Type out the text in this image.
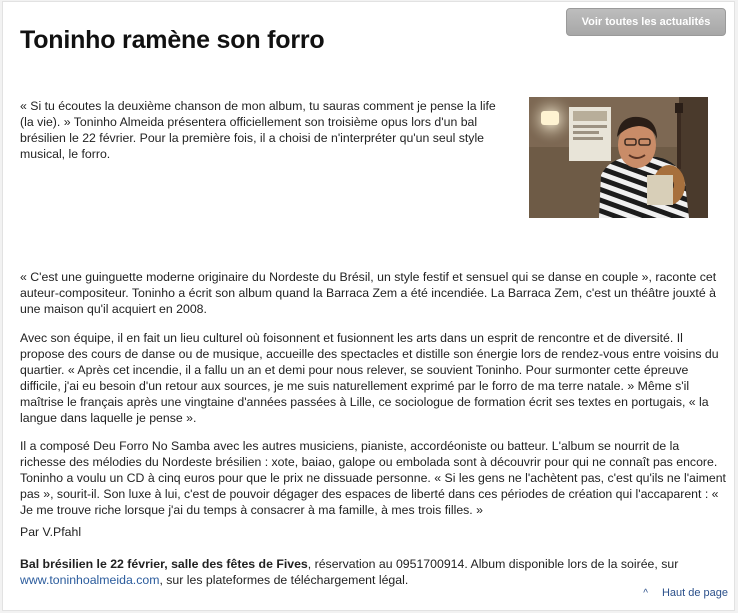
Voir toutes les actualités
Toninho ramène son forro

« Si tu écoutes la deuxième chanson de mon album, tu sauras comment je pense la life (la vie). » Toninho Almeida présentera officiellement son troisième opus lors d'un bal brésilien le 22 février. Pour la première fois, il a choisi de n'interpréter qu'un seul style musical, le forro.

« C'est une guinguette moderne originaire du Nordeste du Brésil, un style festif et sensuel qui se danse en couple », raconte cet auteur-compositeur. Toninho a écrit son album quand la Barraca Zem a été incendiée. La Barraca Zem, c'est un théâtre jouxté à une maison qu'il acquiert en 2008.

Avec son équipe, il en fait un lieu culturel où foisonnent et fusionnent les arts dans un esprit de rencontre et de diversité. Il propose des cours de danse ou de musique, accueille des spectacles et distille son énergie lors de rendez-vous entre voisins du quartier. « Après cet incendie, il a fallu un an et demi pour nous relever, se souvient Toninho. Pour surmonter cette épreuve difficile, j'ai eu besoin d'un retour aux sources, je me suis naturellement exprimé par le forro de ma terre natale. » Même s'il maîtrise le français après une vingtaine d'années passées à Lille, ce sociologue de formation écrit ses textes en portugais, « la langue dans laquelle je pense ».

Il a composé Deu Forro No Samba avec les autres musiciens, pianiste, accordéoniste ou batteur. L'album se nourrit de la richesse des mélodies du Nordeste brésilien : xote, baiao, galope ou embolada sont à découvrir pour qui ne connaît pas encore. Toninho a voulu un CD à cinq euros pour que le prix ne dissuade personne. « Si les gens ne l'achètent pas, c'est qu'ils ne l'aiment pas », sourit-il. Son luxe à lui, c'est de pouvoir dégager des espaces de liberté dans ces périodes de création qui l'accaparent : « Je me trouve riche lorsque j'ai du temps à consacrer à ma famille, à mes trois filles. »

Par V.Pfahl

Bal brésilien le 22 février, salle des fêtes de Fives, réservation au 0951700914. Album disponible lors de la soirée, sur www.toninhoalmeida.com, sur les plateformes de téléchargement légal.

^ Haut de page
